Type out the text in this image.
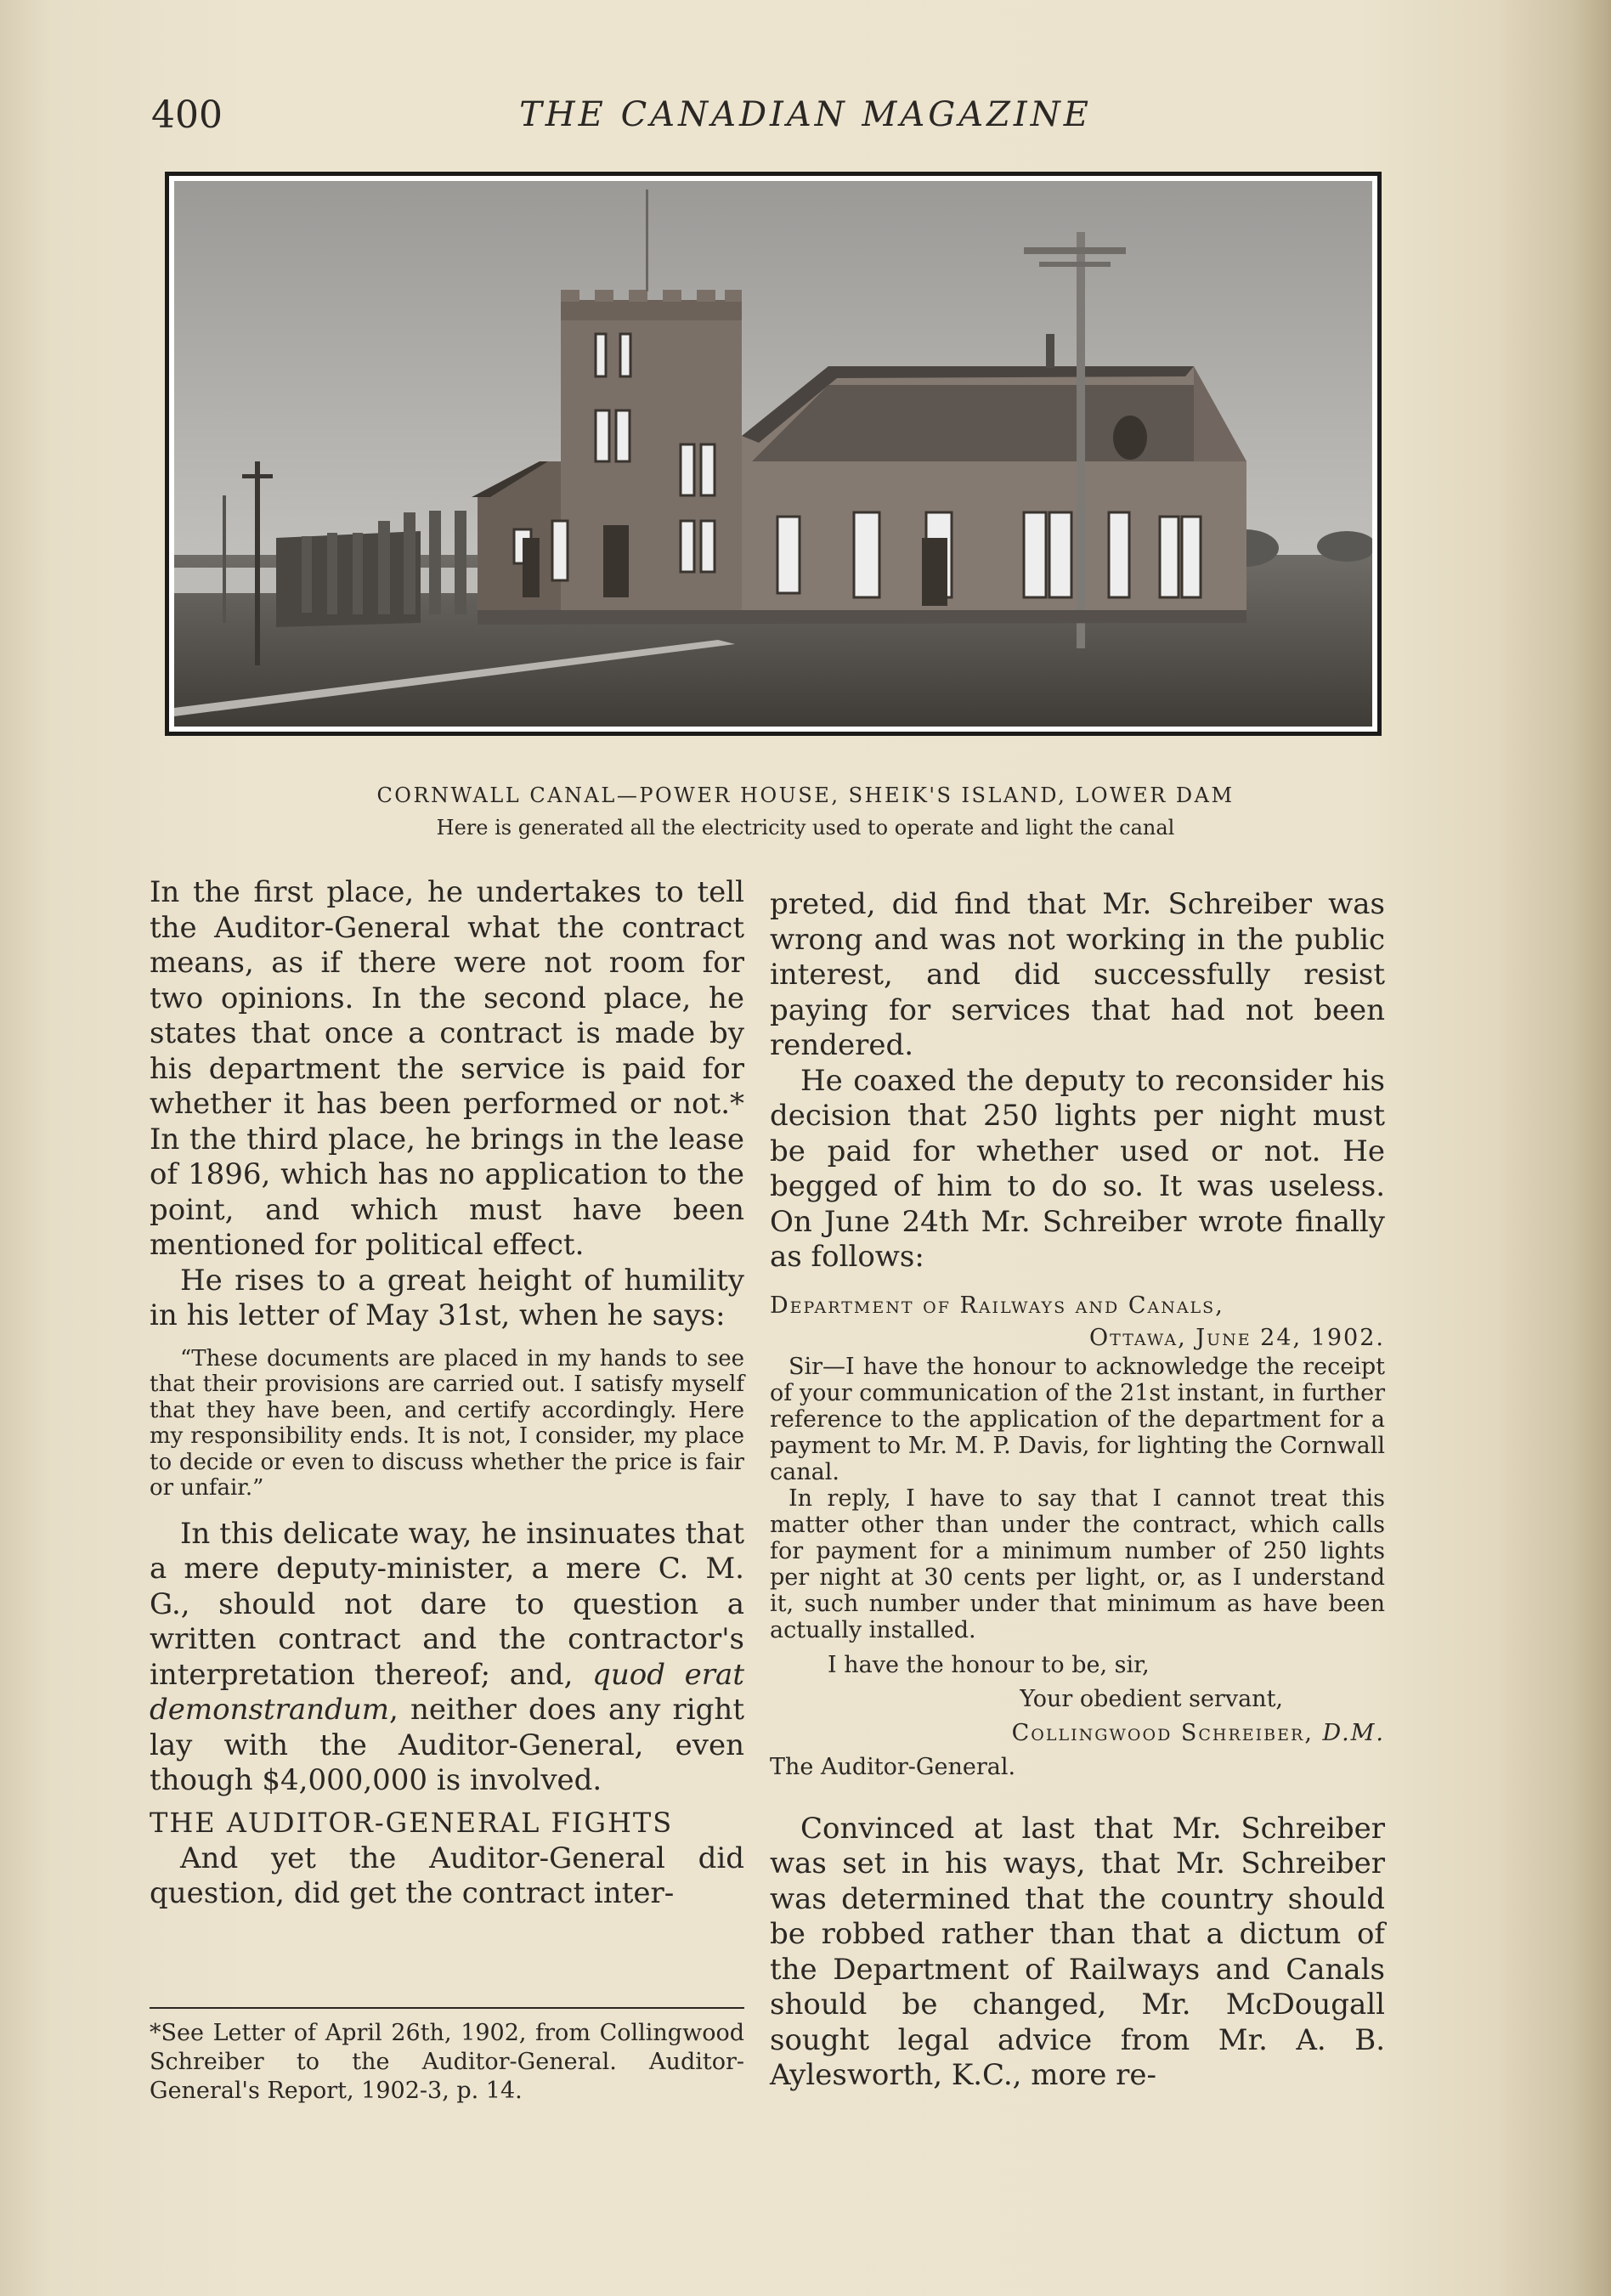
400	THE CANADIAN MAGAZINE
CORNWALL CANAL—POWER HOUSE, SHEIK'S ISLAND, LOWER DAM
Here is generated all the electricity used to operate and light the canal

In the first place, he undertakes to tell the Auditor-General what the contract means, as if there were not room for two opinions. In the second place, he states that once a contract is made by his department the service is paid for whether it has been performed or not.* In the third place, he brings in the lease of 1896, which has no application to the point, and which must have been mentioned for political effect.

He rises to a great height of humility in his letter of May 31st, when he says:

“These documents are placed in my hands to see that their provisions are carried out. I satisfy myself that they have been, and certify accordingly. Here my responsibility ends. It is not, I consider, my place to decide or even to discuss whether the price is fair or unfair.”

In this delicate way, he insinuates that a mere deputy-minister, a mere C. M. G., should not dare to question a written contract and the contractor's interpretation thereof; and, quod erat demonstrandum, neither does any right lay with the Auditor-General, even though $4,000,000 is involved.

THE AUDITOR-GENERAL FIGHTS

And yet the Auditor-General did question, did get the contract inter-

*See Letter of April 26th, 1902, from Collingwood Schreiber to the Auditor-General. Auditor-General's Report, 1902-3, p. 14.

preted, did find that Mr. Schreiber was wrong and was not working in the public interest, and did successfully resist paying for services that had not been rendered.

He coaxed the deputy to reconsider his decision that 250 lights per night must be paid for whether used or not. He begged of him to do so. It was useless. On June 24th Mr. Schreiber wrote finally as follows:

Department of Railways and Canals,
Ottawa, June 24, 1902.

Sir—I have the honour to acknowledge the receipt of your communication of the 21st instant, in further reference to the application of the department for a payment to Mr. M. P. Davis, for lighting the Cornwall canal.

In reply, I have to say that I cannot treat this matter other than under the contract, which calls for payment for a minimum number of 250 lights per night at 30 cents per light, or, as I understand it, such number under that minimum as have been actually installed.

I have the honour to be, sir,
Your obedient servant,
Collingwood Schreiber, D.M.
The Auditor-General.

Convinced at last that Mr. Schreiber was set in his ways, that Mr. Schreiber was determined that the country should be robbed rather than that a dictum of the Department of Railways and Canals should be changed, Mr. McDougall sought legal advice from Mr. A. B. Aylesworth, K.C., more re-
